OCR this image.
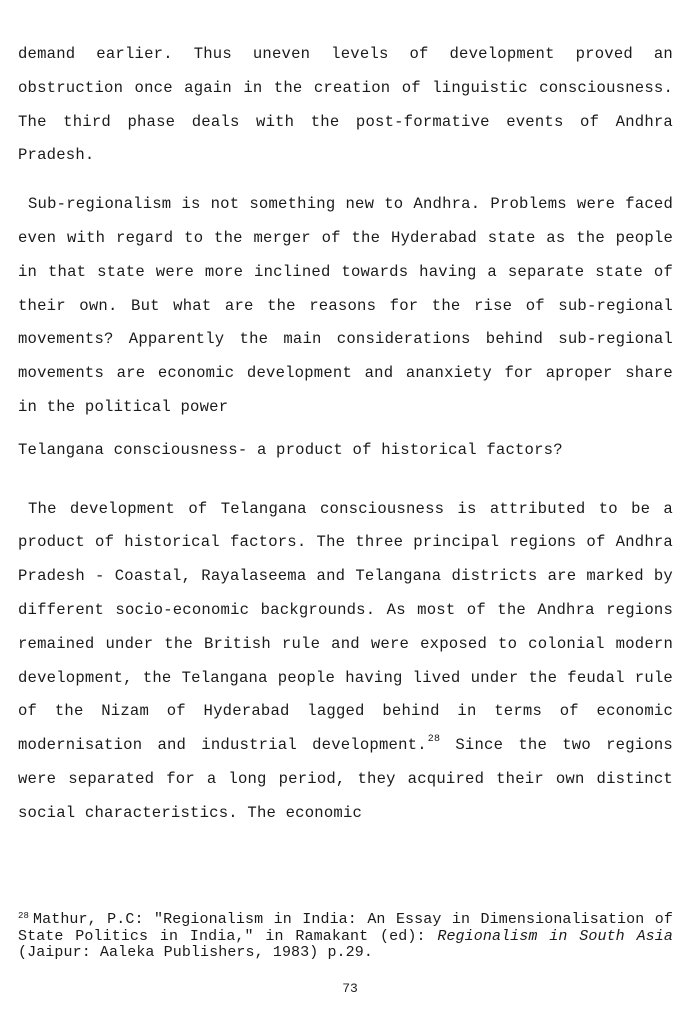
demand earlier. Thus uneven levels of development proved an obstruction once again in the creation of linguistic consciousness. The third phase deals with the post-formative events of Andhra Pradesh.

Sub-regionalism is not something new to Andhra. Problems were faced even with regard to the merger of the Hyderabad state as the people in that state were more inclined towards having a separate state of their own. But what are the reasons for the rise of sub-regional movements? Apparently the main considerations behind sub-regional movements are economic development and ananxiety for aproper share in the political power

Telangana consciousness- a product of historical factors?

The development of Telangana consciousness is attributed to be a product of historical factors. The three principal regions of Andhra Pradesh - Coastal, Rayalaseema and Telangana districts are marked by different socio-economic backgrounds. As most of the Andhra regions remained under the British rule and were exposed to colonial modern development, the Telangana people having lived under the feudal rule of the Nizam of Hyderabad lagged behind in terms of economic modernisation and industrial development.$^{28}$ Since the two regions were separated for a long period, they acquired their own distinct social characteristics. The economic

$^{28}$ Mathur, P.C: "Regionalism in India: An Essay in Dimensionalisation of State Politics in India," in Ramakant (ed): Regionalism in South Asia (Jaipur: Aaleka Publishers, 1983) p.29.
73
